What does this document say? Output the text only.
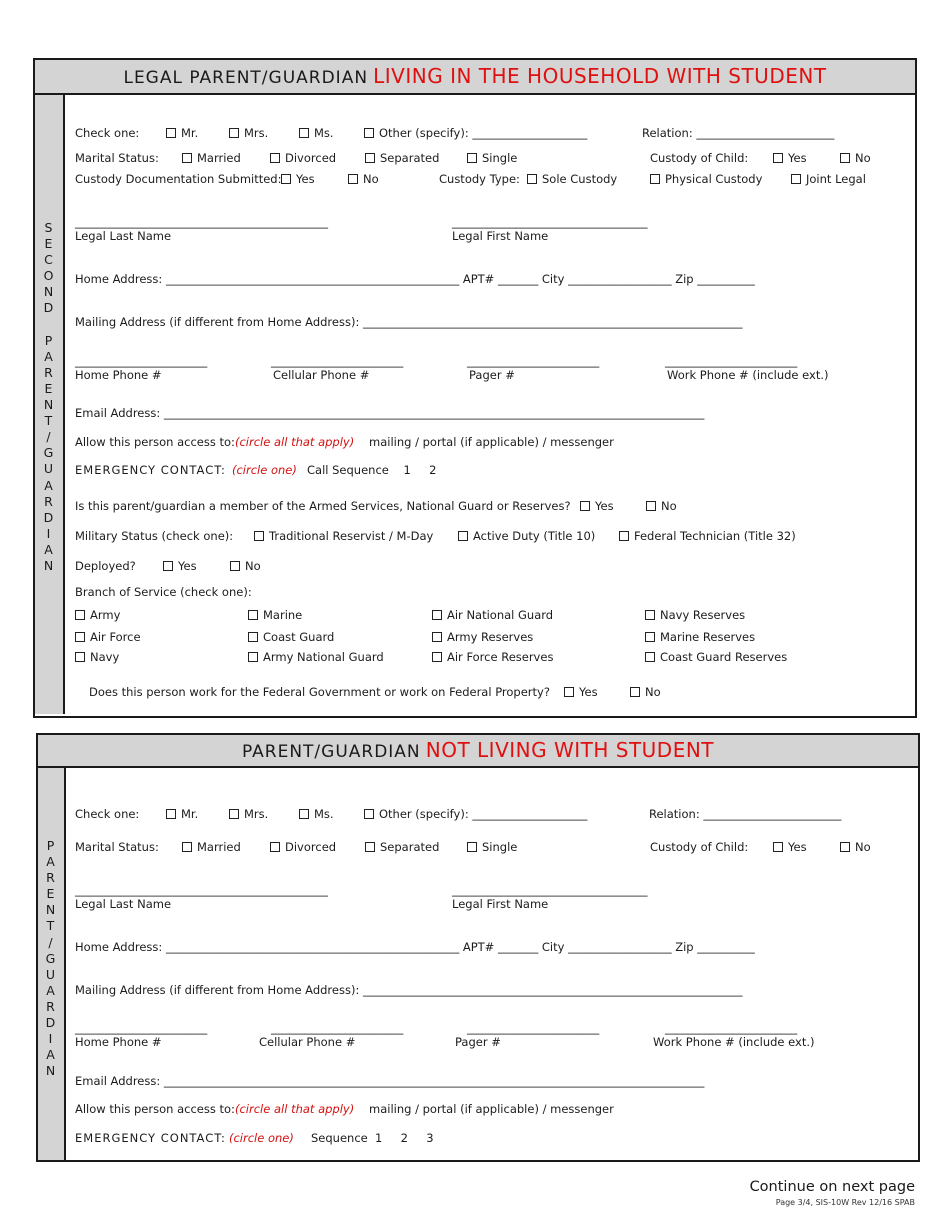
LEGAL PARENT/GUARDIAN LIVING IN THE HOUSEHOLD WITH STUDENT
S
E
C
O
N
D

P
A
R
E
N
T
/
G
U
A
R
D
I
A
N
Check one:	Mr.	Mrs.	Ms.	Other (specify): ____________________	Relation: ________________________
Marital Status:	Married	Divorced	Separated	Single	Custody of Child:	Yes	No
Custody Documentation Submitted:	Yes	No	Custody Type:	Sole Custody	Physical Custody	Joint Legal
____________________________________________	__________________________________
Legal Last Name	Legal First Name
Home Address: ___________________________________________________ APT# _______ City __________________ Zip __________
Mailing Address (if different from Home Address): __________________________________________________________________
_______________________	_______________________	_______________________	_______________________
Home Phone #	Cellular Phone #	Pager #	Work Phone # (include ext.)
Email Address: ______________________________________________________________________________________________
Allow this person access to: (circle all that apply) mailing / portal (if applicable) / messenger
EMERGENCY CONTACT: (circle one) Call Sequence    1     2
Is this parent/guardian a member of the Armed Services, National Guard or Reserves?	Yes	No
Military Status (check one):	Traditional Reservist / M-Day	Active Duty (Title 10)	Federal Technician (Title 32)
Deployed?	Yes	No
Branch of Service (check one):
Army	Marine	Air National Guard	Navy Reserves
Air Force	Coast Guard	Army Reserves	Marine Reserves
Navy	Army National Guard	Air Force Reserves	Coast Guard Reserves
Does this person work for the Federal Government or work on Federal Property?	Yes	No
PARENT/GUARDIAN NOT LIVING WITH STUDENT
P
A
R
E
N
T
/
G
U
A
R
D
I
A
N
Check one:	Mr.	Mrs.	Ms.	Other (specify): ____________________	Relation: ________________________
Marital Status:	Married	Divorced	Separated	Single	Custody of Child:	Yes	No
____________________________________________	__________________________________
Legal Last Name	Legal First Name
Home Address: ___________________________________________________ APT# _______ City __________________ Zip __________
Mailing Address (if different from Home Address): __________________________________________________________________
_______________________	_______________________	_______________________	_______________________
Home Phone #	Cellular Phone #	Pager #	Work Phone # (include ext.)
Email Address: ______________________________________________________________________________________________
Allow this person access to: (circle all that apply) mailing / portal (if applicable) / messenger
EMERGENCY CONTACT: (circle one) Sequence  1     2     3
Continue on next page
Page 3/4, SIS-10W Rev 12/16 SPAB
